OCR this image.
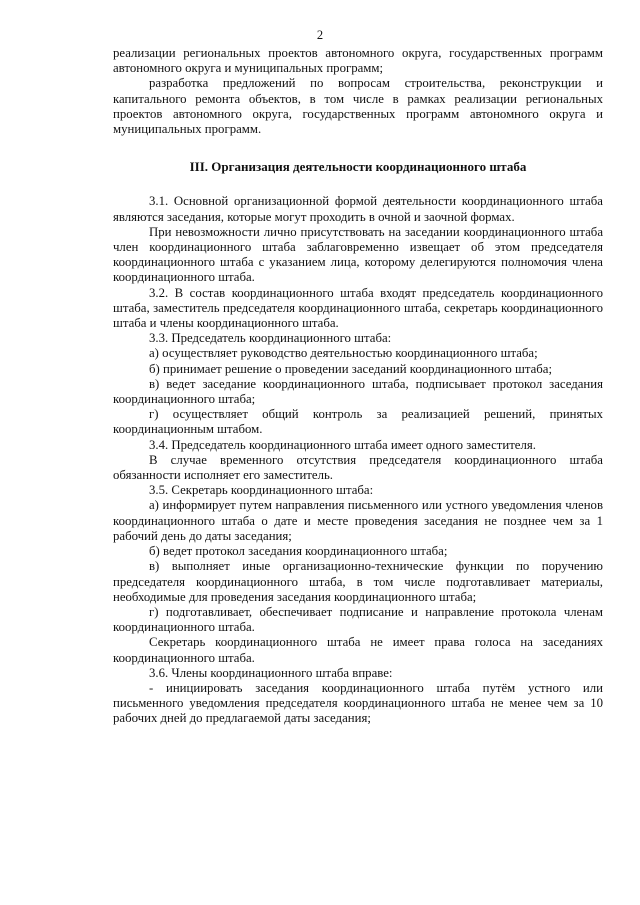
2

реализации региональных проектов автономного округа, государственных программ автономного округа и муниципальных программ;

разработка предложений по вопросам строительства, реконструкции и капитального ремонта объектов, в том числе в рамках реализации региональных проектов автономного округа, государственных программ автономного округа и муниципальных программ.

III. Организация деятельности координационного штаба

3.1. Основной организационной формой деятельности координационного штаба являются заседания, которые могут проходить в очной и заочной формах.

При невозможности лично присутствовать на заседании координационного штаба член координационного штаба заблаговременно извещает об этом председателя координационного штаба с указанием лица, которому делегируются полномочия члена координационного штаба.

3.2. В состав координационного штаба входят председатель координационного штаба, заместитель председателя координационного штаба, секретарь координационного штаба и члены координационного штаба.

3.3. Председатель координационного штаба:

а) осуществляет руководство деятельностью координационного штаба;

б) принимает решение о проведении заседаний координационного штаба;

в) ведет заседание координационного штаба, подписывает протокол заседания координационного штаба;

г) осуществляет общий контроль за реализацией решений, принятых координационным штабом.

3.4. Председатель координационного штаба имеет одного заместителя.

В случае временного отсутствия председателя координационного штаба обязанности исполняет его заместитель.

3.5. Секретарь координационного штаба:

а) информирует путем направления письменного или устного уведомления членов координационного штаба о дате и месте проведения заседания не позднее чем за 1 рабочий день до даты заседания;

б) ведет протокол заседания координационного штаба;

в) выполняет иные организационно-технические функции по поручению председателя координационного штаба, в том числе подготавливает материалы, необходимые для проведения заседания координационного штаба;

г) подготавливает, обеспечивает подписание и направление протокола членам координационного штаба.

Секретарь координационного штаба не имеет права голоса на заседаниях координационного штаба.

3.6. Члены координационного штаба вправе:

- инициировать заседания координационного штаба путём устного или письменного уведомления председателя координационного штаба не менее чем за 10 рабочих дней до предлагаемой даты заседания;
